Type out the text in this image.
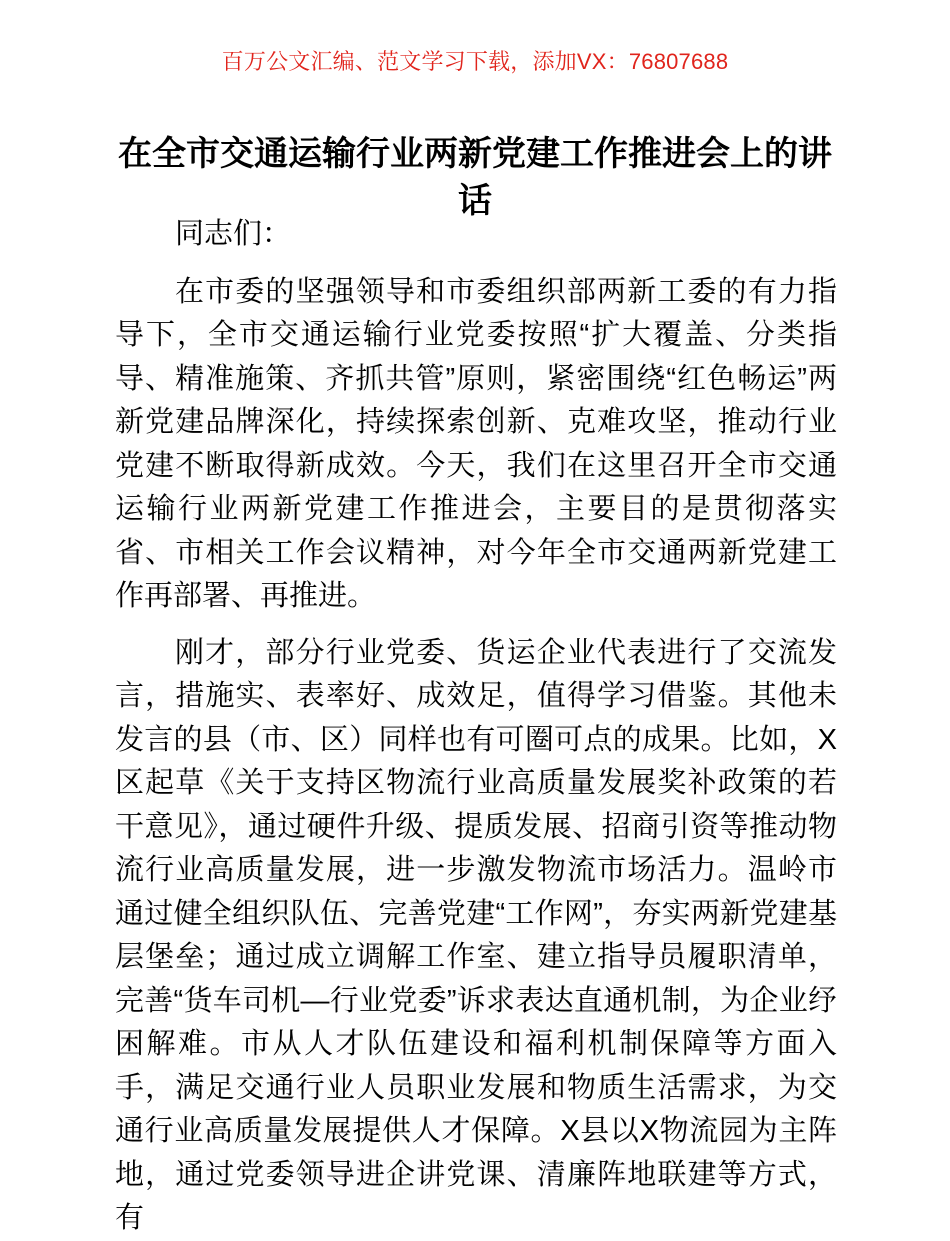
百万公文汇编、范文学习下载，添加VX：76807688
在全市交通运输行业两新党建工作推进会上的讲话

同志们：

在市委的坚强领导和市委组织部两新工委的有力指导下，全市交通运输行业党委按照“扩大覆盖、分类指导、精准施策、齐抓共管”原则，紧密围绕“红色畅运”两新党建品牌深化，持续探索创新、克难攻坚，推动行业党建不断取得新成效。今天，我们在这里召开全市交通运输行业两新党建工作推进会，主要目的是贯彻落实省、市相关工作会议精神，对今年全市交通两新党建工作再部署、再推进。

刚才，部分行业党委、货运企业代表进行了交流发言，措施实、表率好、成效足，值得学习借鉴。其他未发言的县（市、区）同样也有可圈可点的成果。比如，X区起草《关于支持区物流行业高质量发展奖补政策的若干意见》，通过硬件升级、提质发展、招商引资等推动物流行业高质量发展，进一步激发物流市场活力。温岭市通过健全组织队伍、完善党建“工作网”，夯实两新党建基层堡垒；通过成立调解工作室、建立指导员履职清单，完善“货车司机—行业党委”诉求表达直通机制，为企业纾困解难。市从人才队伍建设和福利机制保障等方面入手，满足交通行业人员职业发展和物质生活需求，为交通行业高质量发展提供人才保障。X县以X物流园为主阵地，通过党委领导进企讲党课、清廉阵地联建等方式，有
